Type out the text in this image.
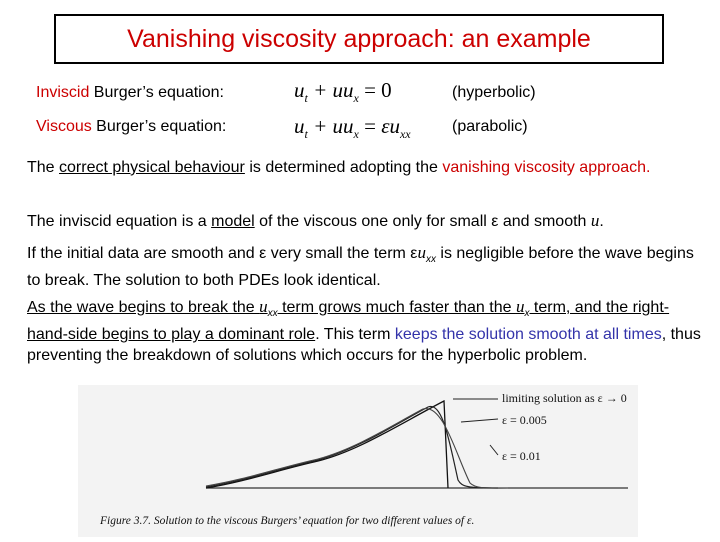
Vanishing viscosity approach: an example
Inviscid Burger’s equation:	$u_t + uu_x = 0$	(hyperbolic)
Viscous Burger’s equation:	$u_t + uu_x = \varepsilon u_{xx}$	(parabolic)
The correct physical behaviour is determined adopting the vanishing viscosity approach.
The inviscid equation is a model of the viscous one only for small ε and smooth u.
If the initial data are smooth and ε very small the term $\varepsilon u_{xx}$ is negligible before the wave begins to break. The solution to both PDEs look identical.
As the wave begins to break the $u_{xx}$ term grows much faster than the $u_x$ term, and the right-hand-side begins to play a dominant role. This term keeps the solution smooth at all times, thus preventing the breakdown of solutions which occurs for the hyperbolic problem.
limiting solution as ε → 0
ε = 0.005
ε = 0.01
Figure 3.7. Solution to the viscous Burgers’ equation for two different values of ε.
